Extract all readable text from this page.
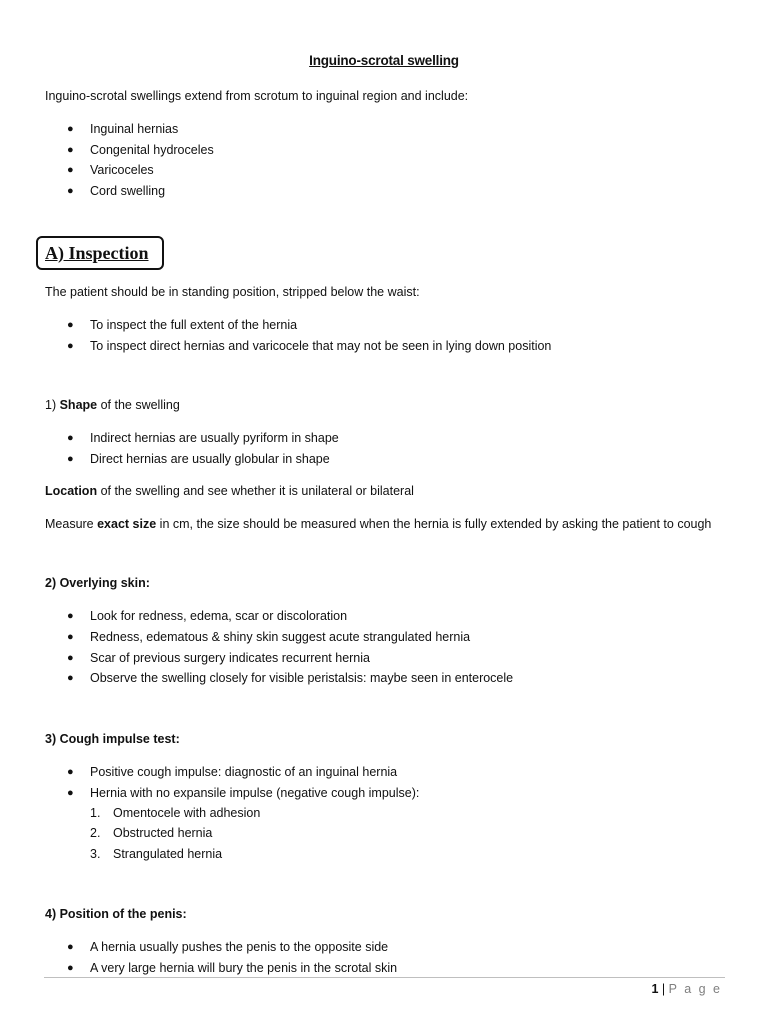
Inguino-scrotal swelling
Inguino-scrotal swellings extend from scrotum to inguinal region and include:
● Inguinal hernias
● Congenital hydroceles
● Varicoceles
● Cord swelling
A) Inspection
The patient should be in standing position, stripped below the waist:
● To inspect the full extent of the hernia
● To inspect direct hernias and varicocele that may not be seen in lying down position
1) Shape of the swelling
● Indirect hernias are usually pyriform in shape
● Direct hernias are usually globular in shape
Location of the swelling and see whether it is unilateral or bilateral
Measure exact size in cm, the size should be measured when the hernia is fully extended by asking the patient to cough
2) Overlying skin:
● Look for redness, edema, scar or discoloration
● Redness, edematous & shiny skin suggest acute strangulated hernia
● Scar of previous surgery indicates recurrent hernia
● Observe the swelling closely for visible peristalsis: maybe seen in enterocele
3) Cough impulse test:
● Positive cough impulse: diagnostic of an inguinal hernia
● Hernia with no expansile impulse (negative cough impulse):
1. Omentocele with adhesion
2. Obstructed hernia
3. Strangulated hernia
4) Position of the penis:
● A hernia usually pushes the penis to the opposite side
● A very large hernia will bury the penis in the scrotal skin
1 | P a g e
